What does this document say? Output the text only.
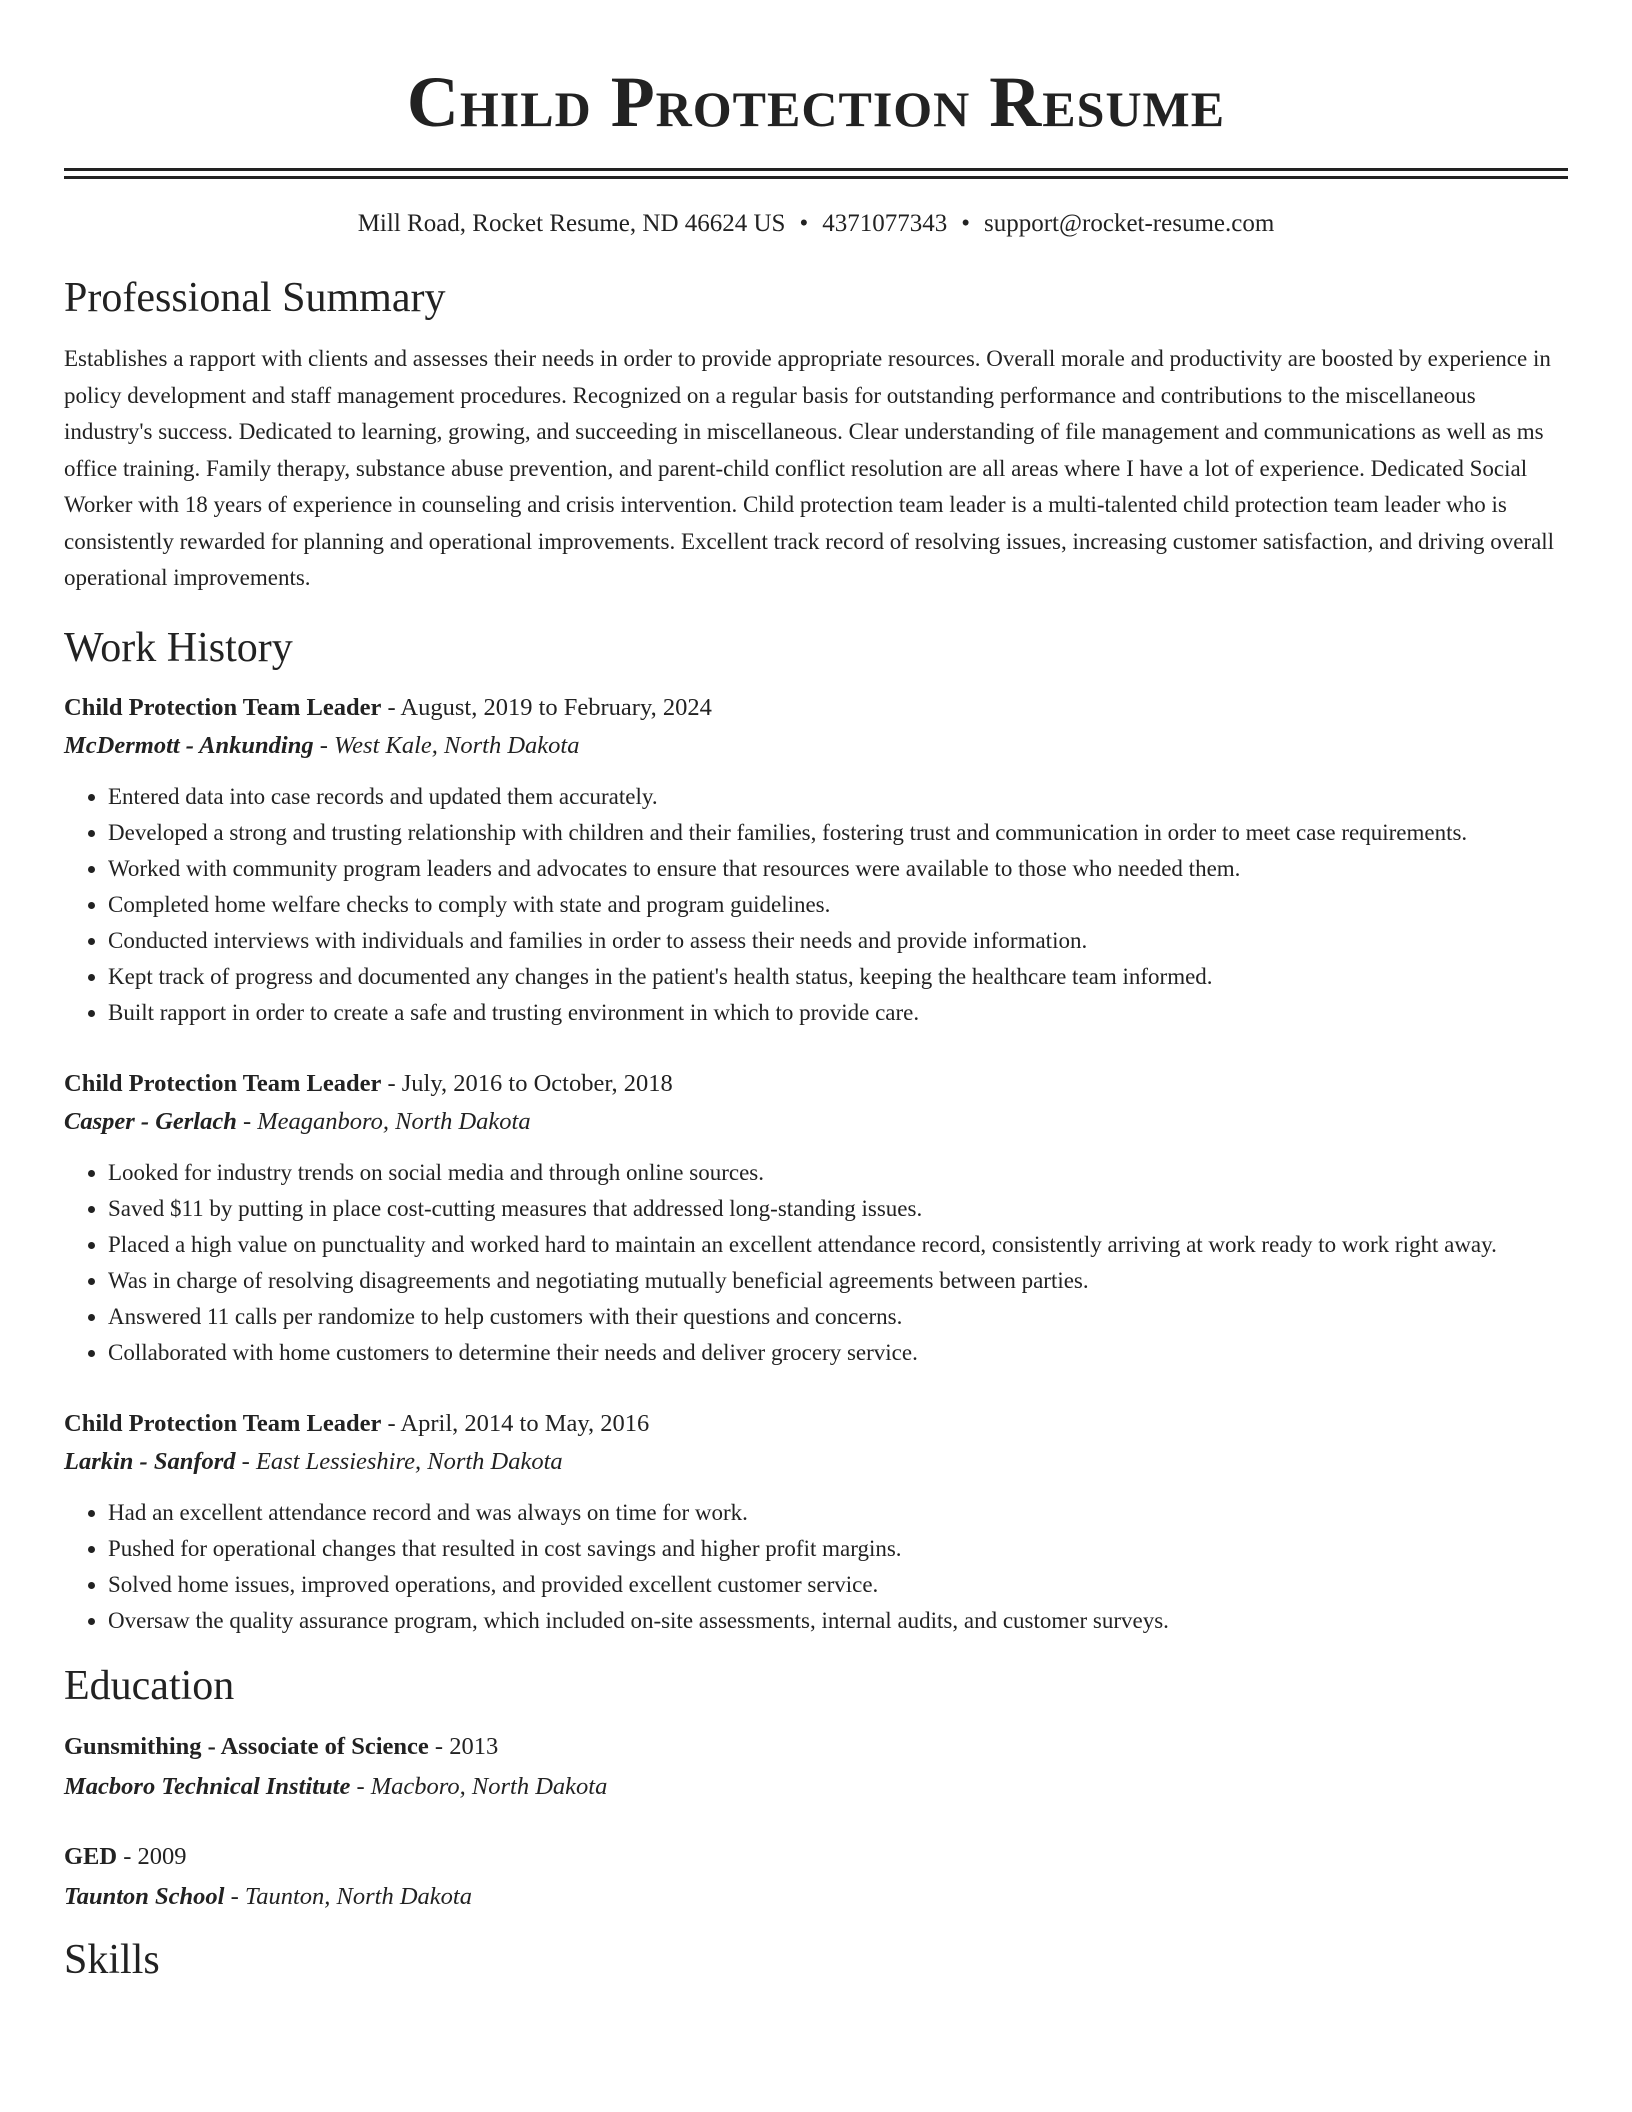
Child Protection Resume
Mill Road, Rocket Resume, ND 46624 US • 4371077343 • support@rocket-resume.com
Professional Summary

Establishes a rapport with clients and assesses their needs in order to provide appropriate resources. Overall morale and productivity are boosted by experience in policy development and staff management procedures. Recognized on a regular basis for outstanding performance and contributions to the miscellaneous industry's success. Dedicated to learning, growing, and succeeding in miscellaneous. Clear understanding of file management and communications as well as ms office training. Family therapy, substance abuse prevention, and parent-child conflict resolution are all areas where I have a lot of experience. Dedicated Social Worker with 18 years of experience in counseling and crisis intervention. Child protection team leader is a multi-talented child protection team leader who is consistently rewarded for planning and operational improvements. Excellent track record of resolving issues, increasing customer satisfaction, and driving overall operational improvements.

Work History
Child Protection Team Leader - August, 2019 to February, 2024
McDermott - Ankunding - West Kale, North Dakota
• Entered data into case records and updated them accurately.
• Developed a strong and trusting relationship with children and their families, fostering trust and communication in order to meet case requirements.
• Worked with community program leaders and advocates to ensure that resources were available to those who needed them.
• Completed home welfare checks to comply with state and program guidelines.
• Conducted interviews with individuals and families in order to assess their needs and provide information.
• Kept track of progress and documented any changes in the patient's health status, keeping the healthcare team informed.
• Built rapport in order to create a safe and trusting environment in which to provide care.
Child Protection Team Leader - July, 2016 to October, 2018
Casper - Gerlach - Meaganboro, North Dakota
• Looked for industry trends on social media and through online sources.
• Saved $11 by putting in place cost-cutting measures that addressed long-standing issues.
• Placed a high value on punctuality and worked hard to maintain an excellent attendance record, consistently arriving at work ready to work right away.
• Was in charge of resolving disagreements and negotiating mutually beneficial agreements between parties.
• Answered 11 calls per randomize to help customers with their questions and concerns.
• Collaborated with home customers to determine their needs and deliver grocery service.
Child Protection Team Leader - April, 2014 to May, 2016
Larkin - Sanford - East Lessieshire, North Dakota
• Had an excellent attendance record and was always on time for work.
• Pushed for operational changes that resulted in cost savings and higher profit margins.
• Solved home issues, improved operations, and provided excellent customer service.
• Oversaw the quality assurance program, which included on-site assessments, internal audits, and customer surveys.
Education
Gunsmithing - Associate of Science - 2013
Macboro Technical Institute - Macboro, North Dakota
GED - 2009
Taunton School - Taunton, North Dakota
Skills
